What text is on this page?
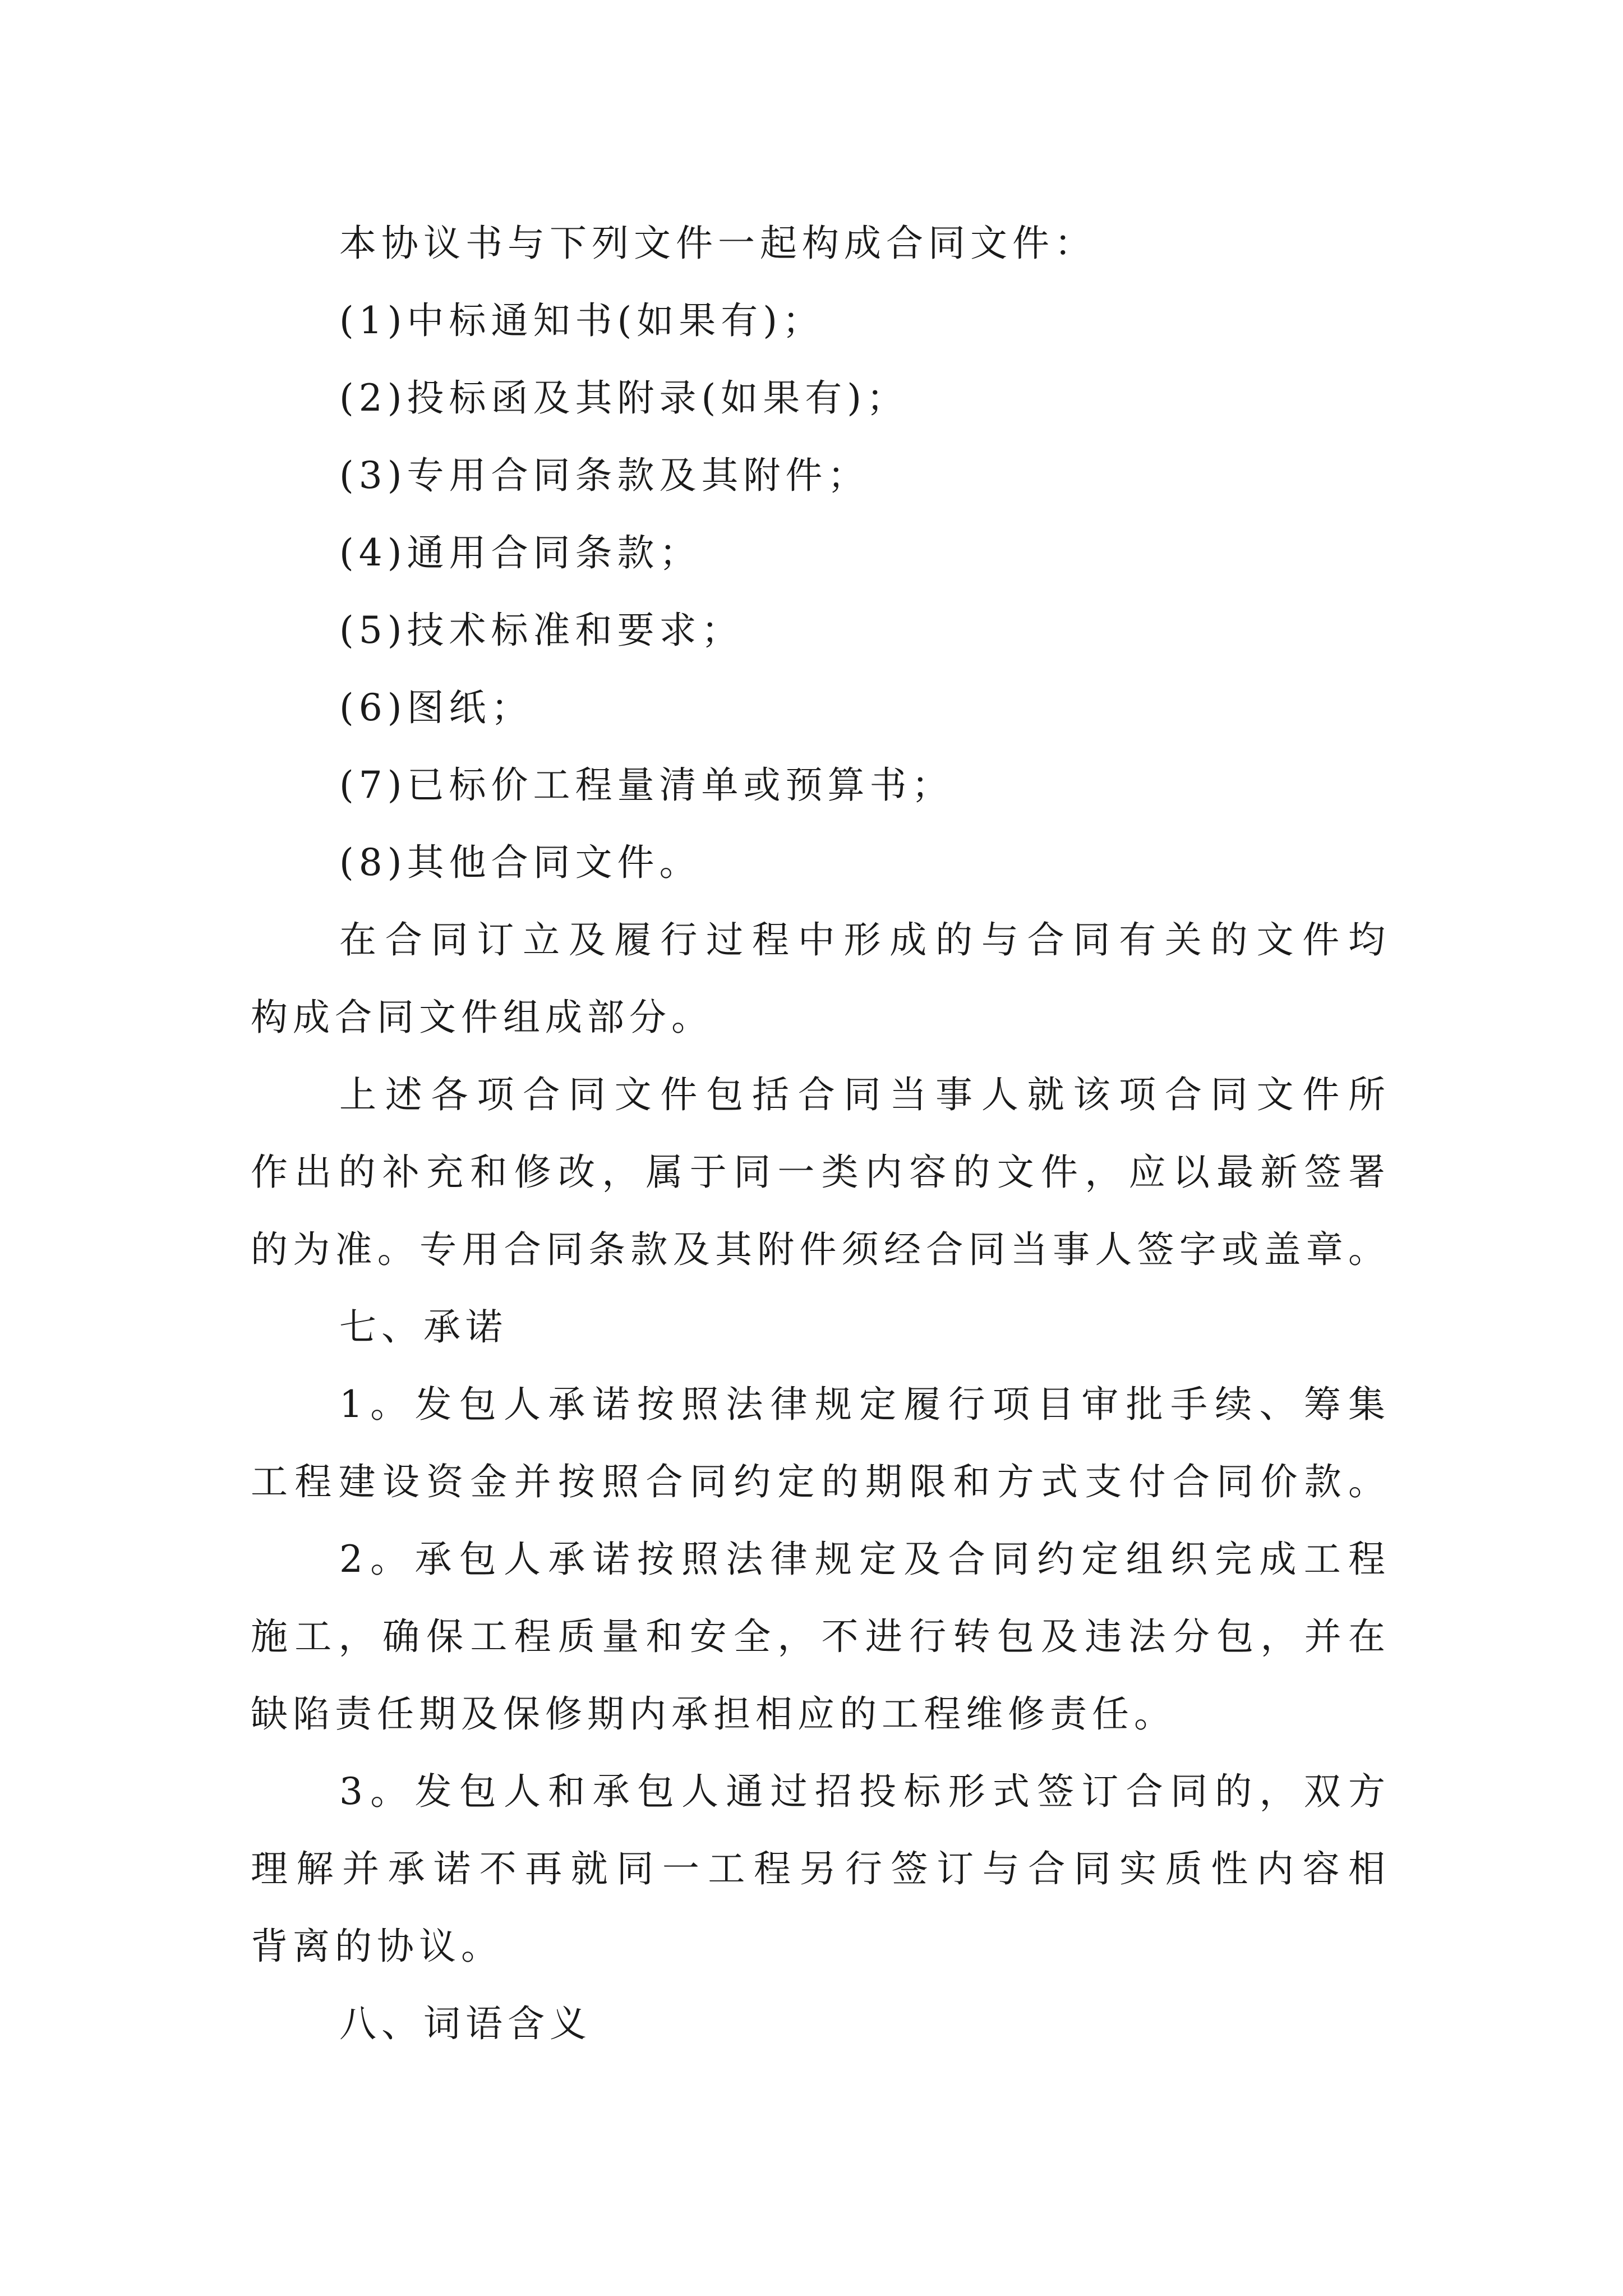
本协议书与下列文件一起构成合同文件：
(1)中标通知书(如果有)；
(2)投标函及其附录(如果有)；
(3)专用合同条款及其附件；
(4)通用合同条款；
(5)技术标准和要求；
(6)图纸；
(7)已标价工程量清单或预算书；
(8)其他合同文件。
在合同订立及履行过程中形成的与合同有关的文件均
构成合同文件组成部分。
上述各项合同文件包括合同当事人就该项合同文件所
作出的补充和修改，属于同一类内容的文件，应以最新签署
的为准。专用合同条款及其附件须经合同当事人签字或盖章。
七、承诺
1。发包人承诺按照法律规定履行项目审批手续、筹集
工程建设资金并按照合同约定的期限和方式支付合同价款。
2。承包人承诺按照法律规定及合同约定组织完成工程
施工，确保工程质量和安全，不进行转包及违法分包，并在
缺陷责任期及保修期内承担相应的工程维修责任。
3。发包人和承包人通过招投标形式签订合同的，双方
理解并承诺不再就同一工程另行签订与合同实质性内容相
背离的协议。
八、词语含义
